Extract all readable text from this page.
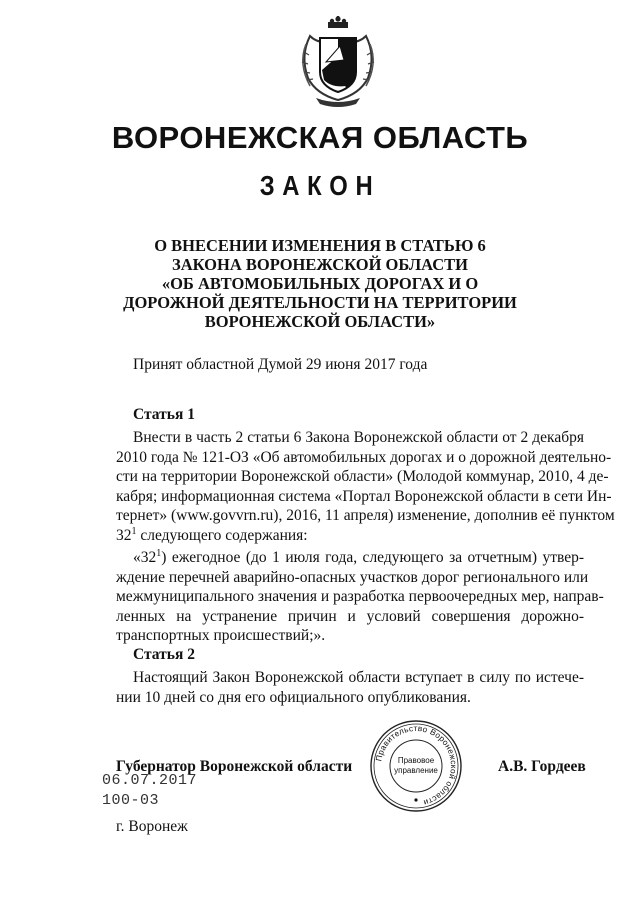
ВОРОНЕЖСКАЯ ОБЛАСТЬ
ЗАКОН
О ВНЕСЕНИИ ИЗМЕНЕНИЯ В СТАТЬЮ 6
ЗАКОНА ВОРОНЕЖСКОЙ ОБЛАСТИ
«ОБ АВТОМОБИЛЬНЫХ ДОРОГАХ И О
ДОРОЖНОЙ ДЕЯТЕЛЬНОСТИ НА ТЕРРИТОРИИ
ВОРОНЕЖСКОЙ ОБЛАСТИ»
Принят областной Думой 29 июня 2017 года
Статья 1
Внести в часть 2 статьи 6 Закона Воронежской области от 2 декабря
2010 года № 121-ОЗ «Об автомобильных дорогах и о дорожной деятельно-
сти на территории Воронежской области» (Молодой коммунар, 2010, 4 де-
кабря; информационная система «Портал Воронежской области в сети Ин-
тернет» (www.govvrn.ru), 2016, 11 апреля) изменение, дополнив её пунктом
$32^1$ следующего содержания:
«$32^1$) ежегодное (до 1 июля года, следующего за отчетным) утвер-
ждение перечней аварийно-опасных участков дорог регионального или
межмуниципального значения и разработка первоочередных мер, направ-
ленных на устранение причин и условий совершения дорожно-
транспортных происшествий;».
Статья 2
Настоящий Закон Воронежской области вступает в силу по истече-
нии 10 дней со дня его официального опубликования.
Губернатор Воронежской области	А.В. Гордеев
Правительство Воронежской области
Правовое
управление
06.07.2017
100-03
г. Воронеж
